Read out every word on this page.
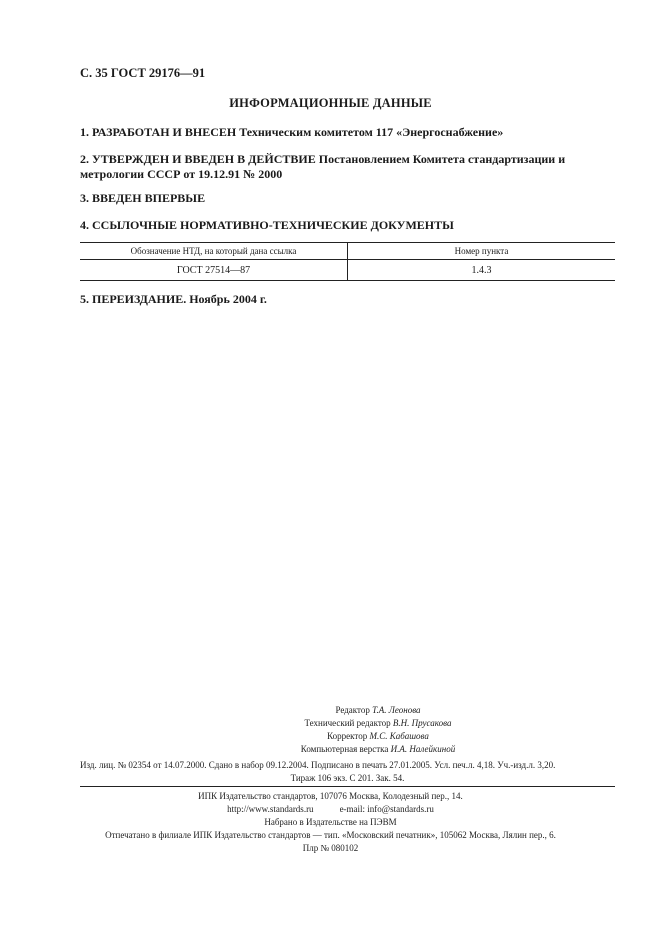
С. 35 ГОСТ 29176—91
ИНФОРМАЦИОННЫЕ ДАННЫЕ
1. РАЗРАБОТАН И ВНЕСЕН Техническим комитетом 117 «Энергоснабжение»
2. УТВЕРЖДЕН И ВВЕДЕН В ДЕЙСТВИЕ Постановлением Комитета стандартизации и метрологии СССР от 19.12.91 № 2000
3. ВВЕДЕН ВПЕРВЫЕ
4. ССЫЛОЧНЫЕ НОРМАТИВНО-ТЕХНИЧЕСКИЕ ДОКУМЕНТЫ
Обозначение НТД, на который дана ссылка	Номер пункта
ГОСТ 27514—87	1.4.3
5. ПЕРЕИЗДАНИЕ. Ноябрь 2004 г.
Редактор Т.А. Леонова
Технический редактор В.Н. Прусакова
Корректор М.С. Кабашова
Компьютерная верстка И.А. Налейкиной
Изд. лиц. № 02354 от 14.07.2000. Сдано в набор 09.12.2004. Подписано в печать 27.01.2005. Усл. печ.л. 4,18. Уч.-изд.л. 3,20.
Тираж 106 экз. С 201. Зак. 54.
ИПК Издательство стандартов, 107076 Москва, Колодезный пер., 14.
http://www.standards.ru	e-mail: info@standards.ru
Набрано в Издательстве на ПЭВМ
Отпечатано в филиале ИПК Издательство стандартов — тип. «Московский печатник», 105062 Москва, Лялин пер., 6.
Плр № 080102
